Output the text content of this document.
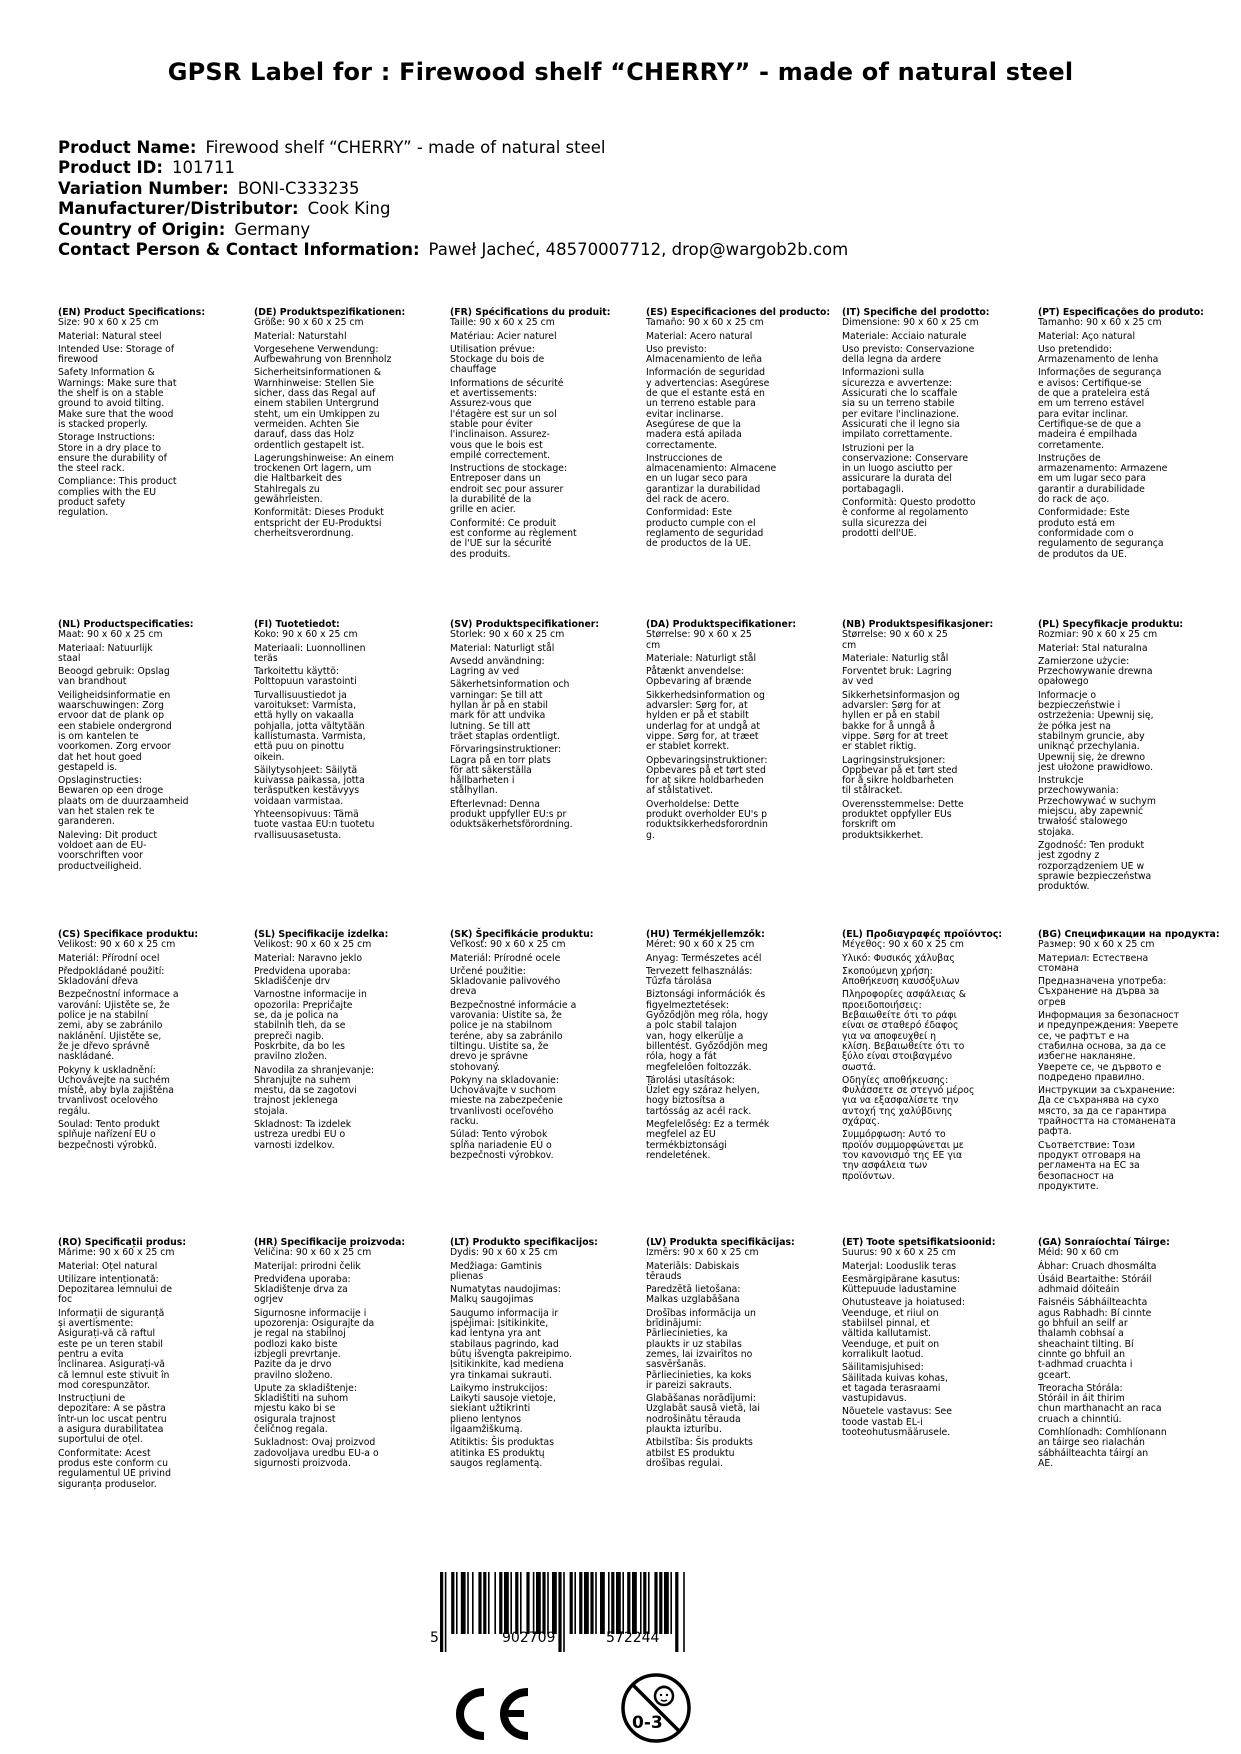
GPSR Label for : Firewood shelf “CHERRY” - made of natural steel
Product Name: Firewood shelf “CHERRY” - made of natural steel
Product ID: 101711
Variation Number: BONI-C333235
Manufacturer/Distributor: Cook King
Country of Origin: Germany
Contact Person & Contact Information: Paweł Jacheć, 48570007712, drop@wargob2b.com
(EN) Product Specifications:
Size: 90 x 60 x 25 cm
Material: Natural steel
Intended Use: Storage of
firewood
Safety Information &
Warnings: Make sure that
the shelf is on a stable
ground to avoid tilting.
Make sure that the wood
is stacked properly.
Storage Instructions:
Store in a dry place to
ensure the durability of
the steel rack.
Compliance: This product
complies with the EU
product safety
regulation.
(DE) Produktspezifikationen:
Größe: 90 x 60 x 25 cm
Material: Naturstahl
Vorgesehene Verwendung:
Aufbewahrung von Brennholz
Sicherheitsinformationen &
Warnhinweise: Stellen Sie
sicher, dass das Regal auf
einem stabilen Untergrund
steht, um ein Umkippen zu
vermeiden. Achten Sie
darauf, dass das Holz
ordentlich gestapelt ist.
Lagerungshinweise: An einem
trockenen Ort lagern, um
die Haltbarkeit des
Stahlregals zu
gewährleisten.
Konformität: Dieses Produkt
entspricht der EU-Produktsi
cherheitsverordnung.
(FR) Spécifications du produit:
Taille: 90 x 60 x 25 cm
Matériau: Acier naturel
Utilisation prévue:
Stockage du bois de
chauffage
Informations de sécurité
et avertissements:
Assurez-vous que
l'étagère est sur un sol
stable pour éviter
l'inclinaison. Assurez-
vous que le bois est
empilé correctement.
Instructions de stockage:
Entreposer dans un
endroit sec pour assurer
la durabilité de la
grille en acier.
Conformité: Ce produit
est conforme au règlement
de l'UE sur la sécurité
des produits.
(ES) Especificaciones del producto:
Tamaño: 90 x 60 x 25 cm
Material: Acero natural
Uso previsto:
Almacenamiento de leña
Información de seguridad
y advertencias: Asegúrese
de que el estante está en
un terreno estable para
evitar inclinarse.
Asegúrese de que la
madera está apilada
correctamente.
Instrucciones de
almacenamiento: Almacene
en un lugar seco para
garantizar la durabilidad
del rack de acero.
Conformidad: Este
producto cumple con el
reglamento de seguridad
de productos de la UE.
(IT) Specifiche del prodotto:
Dimensione: 90 x 60 x 25 cm
Materiale: Acciaio naturale
Uso previsto: Conservazione
della legna da ardere
Informazioni sulla
sicurezza e avvertenze:
Assicurati che lo scaffale
sia su un terreno stabile
per evitare l'inclinazione.
Assicurati che il legno sia
impilato correttamente.
Istruzioni per la
conservazione: Conservare
in un luogo asciutto per
assicurare la durata del
portabagagli.
Conformità: Questo prodotto
è conforme al regolamento
sulla sicurezza dei
prodotti dell'UE.
(PT) Especificações do produto:
Tamanho: 90 x 60 x 25 cm
Material: Aço natural
Uso pretendido:
Armazenamento de lenha
Informações de segurança
e avisos: Certifique-se
de que a prateleira está
em um terreno estável
para evitar inclinar.
Certifique-se de que a
madeira é empilhada
corretamente.
Instruções de
armazenamento: Armazene
em um lugar seco para
garantir a durabilidade
do rack de aço.
Conformidade: Este
produto está em
conformidade com o
regulamento de segurança
de produtos da UE.
(NL) Productspecificaties:
Maat: 90 x 60 x 25 cm
Materiaal: Natuurlijk
staal
Beoogd gebruik: Opslag
van brandhout
Veiligheidsinformatie en
waarschuwingen: Zorg
ervoor dat de plank op
een stabiele ondergrond
is om kantelen te
voorkomen. Zorg ervoor
dat het hout goed
gestapeld is.
Opslaginstructies:
Bewaren op een droge
plaats om de duurzaamheid
van het stalen rek te
garanderen.
Naleving: Dit product
voldoet aan de EU-
voorschriften voor
productveiligheid.
(FI) Tuotetiedot:
Koko: 90 x 60 x 25 cm
Materiaali: Luonnollinen
teräs
Tarkoitettu käyttö:
Polttopuun varastointi
Turvallisuustiedot ja
varoitukset: Varmista,
että hylly on vakaalla
pohjalla, jotta vältytään
kallistumasta. Varmista,
että puu on pinottu
oikein.
Säilytysohjeet: Säilytä
kuivassa paikassa, jotta
teräsputken kestävyys
voidaan varmistaa.
Yhteensopivuus: Tämä
tuote vastaa EU:n tuotetu
rvallisuusasetusta.
(SV) Produktspecifikationer:
Storlek: 90 x 60 x 25 cm
Material: Naturligt stål
Avsedd användning:
Lagring av ved
Säkerhetsinformation och
varningar: Se till att
hyllan är på en stabil
mark för att undvika
lutning. Se till att
träet staplas ordentligt.
Förvaringsinstruktioner:
Lagra på en torr plats
för att säkerställa
hållbarheten i
stålhyllan.
Efterlevnad: Denna
produkt uppfyller EU:s pr
oduktsäkerhetsförordning.
(DA) Produktspecifikationer:
Størrelse: 90 x 60 x 25
cm
Materiale: Naturligt stål
Påtænkt anvendelse:
Opbevaring af brænde
Sikkerhedsinformation og
advarsler: Sørg for, at
hylden er på et stabilt
underlag for at undgå at
vippe. Sørg for, at træet
er stablet korrekt.
Opbevaringsinstruktioner:
Opbevares på et tørt sted
for at sikre holdbarheden
af stålstativet.
Overholdelse: Dette
produkt overholder EU's p
roduktsikkerhedsforordnin
g.
(NB) Produktspesifikasjoner:
Størrelse: 90 x 60 x 25
cm
Materiale: Naturlig stål
Forventet bruk: Lagring
av ved
Sikkerhetsinformasjon og
advarsler: Sørg for at
hyllen er på en stabil
bakke for å unngå å
vippe. Sørg for at treet
er stablet riktig.
Lagringsinstruksjoner:
Oppbevar på et tørt sted
for å sikre holdbarheten
til stålracket.
Overensstemmelse: Dette
produktet oppfyller EUs
forskrift om
produktsikkerhet.
(PL) Specyfikacje produktu:
Rozmiar: 90 x 60 x 25 cm
Materiał: Stal naturalna
Zamierzone użycie:
Przechowywanie drewna
opałowego
Informacje o
bezpieczeństwie i
ostrzeżenia: Upewnij się,
że półka jest na
stabilnym gruncie, aby
uniknąć przechylania.
Upewnij się, że drewno
jest ułożone prawidłowo.
Instrukcje
przechowywania:
Przechowywać w suchym
miejscu, aby zapewnić
trwałość stalowego
stojaka.
Zgodność: Ten produkt
jest zgodny z
rozporządzeniem UE w
sprawie bezpieczeństwa
produktów.
(CS) Specifikace produktu:
Velikost: 90 x 60 x 25 cm
Materiál: Přírodní ocel
Předpokládané použití:
Skladování dřeva
Bezpečnostní informace a
varování: Ujistěte se, že
police je na stabilní
zemi, aby se zabránilo
naklánění. Ujistěte se,
že je dřevo správně
naskládané.
Pokyny k uskladnění:
Uchovávejte na suchém
místě, aby byla zajištěna
trvanlivost ocelového
regálu.
Soulad: Tento produkt
splňuje nařízení EU o
bezpečnosti výrobků.
(SL) Specifikacije izdelka:
Velikost: 90 x 60 x 25 cm
Material: Naravno jeklo
Predvidena uporaba:
Skladiščenje drv
Varnostne informacije in
opozorila: Prepričajte
se, da je polica na
stabilnih tleh, da se
prepreči nagib.
Poskrbite, da bo les
pravilno zložen.
Navodila za shranjevanje:
Shranjujte na suhem
mestu, da se zagotovi
trajnost jeklenega
stojala.
Skladnost: Ta izdelek
ustreza uredbi EU o
varnosti izdelkov.
(SK) Špecifikácie produktu:
Veľkosť: 90 x 60 x 25 cm
Materiál: Prírodné ocele
Určené použitie:
Skladovanie palivového
dreva
Bezpečnostné informácie a
varovania: Uistite sa, že
police je na stabilnom
teréne, aby sa zabránilo
tiltingu. Uistite sa, že
drevo je správne
stohovaný.
Pokyny na skladovanie:
Uchovávajte v suchom
mieste na zabezpečenie
trvanlivosti oceľového
racku.
Súlad: Tento výrobok
spĺňa nariadenie EÚ o
bezpečnosti výrobkov.
(HU) Termékjellemzők:
Méret: 90 x 60 x 25 cm
Anyag: Természetes acél
Tervezett felhasználás:
Tűzfa tárolása
Biztonsági információk és
figyelmeztetések:
Győződjön meg róla, hogy
a polc stabil talajon
van, hogy elkerülje a
billentést. Győződjön meg
róla, hogy a fát
megfelelően foltozzák.
Tárolási utasítások:
Üzlet egy száraz helyen,
hogy biztosítsa a
tartósság az acél rack.
Megfelelőség: Ez a termék
megfelel az EU
termékbiztonsági
rendeletének.
(EL) Προδιαγραφές προϊόντος:
Μέγεθος: 90 x 60 x 25 cm
Υλικό: Φυσικός χάλυβας
Σκοπούμενη χρήση:
Αποθήκευση καυσόξυλων
Πληροφορίες ασφάλειας &
προειδοποιήσεις:
Βεβαιωθείτε ότι το ράφι
είναι σε σταθερό έδαφος
για να αποφευχθεί η
κλίση. Βεβαιωθείτε ότι το
ξύλο είναι στοιβαγμένο
σωστά.
Οδηγίες αποθήκευσης:
Φυλάσσετε σε στεγνό μέρος
για να εξασφαλίσετε την
αντοχή της χαλύβδινης
σχάρας.
Συμμόρφωση: Αυτό το
προϊόν συμμορφώνεται με
τον κανονισμό της ΕΕ για
την ασφάλεια των
προϊόντων.
(BG) Спецификации на продукта:
Размер: 90 x 60 x 25 cm
Материал: Естествена
стомана
Предназначена употреба:
Съхранение на дърва за
огрев
Информация за безопасност
и предупреждения: Уверете
се, че рафтът е на
стабилна основа, за да се
избегне накланяне.
Уверете се, че дървото е
подредено правилно.
Инструкции за съхранение:
Да се съхранява на сухо
място, за да се гарантира
трайността на стоманената
рафта.
Съответствие: Този
продукт отговаря на
регламента на ЕС за
безопасност на
продуктите.
(RO) Specificații produs:
Mărime: 90 x 60 x 25 cm
Material: Oțel natural
Utilizare intenționată:
Depozitarea lemnului de
foc
Informații de siguranță
și avertismente:
Asigurați-vă că raftul
este pe un teren stabil
pentru a evita
înclinarea. Asigurați-vă
că lemnul este stivuit în
mod corespunzător.
Instrucțiuni de
depozitare: A se păstra
într-un loc uscat pentru
a asigura durabilitatea
suportului de oțel.
Conformitate: Acest
produs este conform cu
regulamentul UE privind
siguranța produselor.
(HR) Specifikacije proizvoda:
Veličina: 90 x 60 x 25 cm
Materijal: prirodni čelik
Predviđena uporaba:
Skladištenje drva za
ogrjev
Sigurnosne informacije i
upozorenja: Osigurajte da
je regal na stabilnoj
podlozi kako biste
izbjegli prevrtanje.
Pazite da je drvo
pravilno složeno.
Upute za skladištenje:
Skladištiti na suhom
mjestu kako bi se
osigurala trajnost
čeličnog regala.
Sukladnost: Ovaj proizvod
zadovoljava uredbu EU-a o
sigurnosti proizvoda.
(LT) Produkto specifikacijos:
Dydis: 90 x 60 x 25 cm
Medžiaga: Gamtinis
plienas
Numatytas naudojimas:
Malkų saugojimas
Saugumo informacija ir
įspėjimai: Įsitikinkite,
kad lentyna yra ant
stabilaus pagrindo, kad
būtų išvengta pakreipimo.
Įsitikinkite, kad mediena
yra tinkamai sukrauti.
Laikymo instrukcijos:
Laikyti sausoje vietoje,
siekiant užtikrinti
plieno lentynos
ilgaamžiškumą.
Atitiktis: Šis produktas
atitinka ES produktų
saugos reglamentą.
(LV) Produkta specifikācijas:
Izmērs: 90 x 60 x 25 cm
Materiāls: Dabiskais
tērauds
Paredzētā lietošana:
Malkas uzglabāšana
Drošības informācija un
brīdinājumi:
Pārliecinieties, ka
plaukts ir uz stabilas
zemes, lai izvairītos no
sasvēršanās.
Pārliecinieties, ka koks
ir pareizi sakrauts.
Glabāšanas norādījumi:
Uzglabāt sausā vietā, lai
nodrošinātu tērauda
plaukta izturību.
Atbilstība: Šis produkts
atbilst ES produktu
drošības regulai.
(ET) Toote spetsifikatsioonid:
Suurus: 90 x 60 x 25 cm
Materjal: Looduslik teras
Eesmärgipärane kasutus:
Küttepuude ladustamine
Ohutusteave ja hoiatused:
Veenduge, et riiul on
stabiilsel pinnal, et
vältida kallutamist.
Veenduge, et puit on
korralikult laotud.
Säilitamisjuhised:
Säilitada kuivas kohas,
et tagada terasraami
vastupidavus.
Nõuetele vastavus: See
toode vastab EL-i
tooteohutusmäärusele.
(GA) Sonraíochtaí Táirge:
Méid: 90 x 60 cm
Ábhar: Cruach dhosmálta
Úsáid Beartaithe: Stóráil
adhmaid dóiteáin
Faisnéis Sábháilteachta
agus Rabhadh: Bí cinnte
go bhfuil an seilf ar
thalamh cobhsaí a
sheachaint tilting. Bí
cinnte go bhfuil an
t-adhmad cruachta i
gceart.
Treoracha Stórála:
Stóráil in áit thirim
chun marthanacht an raca
cruach a chinntiú.
Comhlíonadh: Comhlíonann
an táirge seo rialachán
sábháilteachta táirgí an
AE.
5	902709	572244
0-3
